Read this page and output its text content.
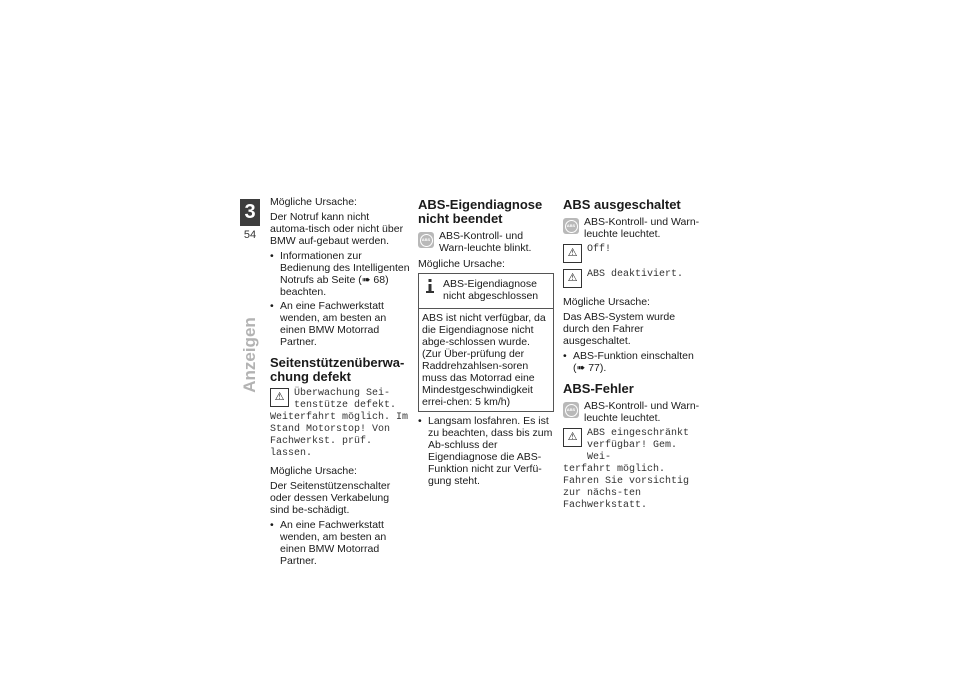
3
54
Anzeigen

Mögliche Ursache:

Der Notruf kann nicht automa-tisch oder nicht über BMW auf-gebaut werden.

• Informationen zur Bedienung des Intelligenten Notrufs ab Seite (➠ 68) beachten.
• An eine Fachwerkstatt wenden, am besten an einen BMW Motorrad Partner.
Seitenstützenüberwa-chung defekt
⚠ Überwachung Sei-tenstütze defekt.
Weiterfahrt möglich. Im Stand Motorstop! Von Fachwerkst. prüf. lassen.

Mögliche Ursache:

Der Seitenstützenschalter oder dessen Verkabelung sind be-schädigt.

• An eine Fachwerkstatt wenden, am besten an einen BMW Motorrad Partner.
ABS-Eigendiagnose nicht beendet
ABS ABS-Kontroll- und Warn-leuchte blinkt.

Mögliche Ursache:

ABS-Eigendiagnose nicht abgeschlossen
ABS ist nicht verfügbar, da die Eigendiagnose nicht abge-schlossen wurde. (Zur Über-prüfung der Raddrehzahlsen-soren muss das Motorrad eine Mindestgeschwindigkeit errei-chen: 5 km/h)
• Langsam losfahren. Es ist zu beachten, dass bis zum Ab-schluss der Eigendiagnose die ABS-Funktion nicht zur Verfü-gung steht.
ABS ausgeschaltet
ABS ABS-Kontroll- und Warn-leuchte leuchtet.
⚠ Off!
⚠ ABS deaktiviert.

Mögliche Ursache:

Das ABS-System wurde durch den Fahrer ausgeschaltet.

• ABS-Funktion einschalten (➠ 77).
ABS-Fehler
ABS ABS-Kontroll- und Warn-leuchte leuchtet.
⚠ ABS eingeschränkt verfügbar! Gem. Wei-
terfahrt möglich. Fahren Sie vorsichtig zur nächs-ten Fachwerkstatt.
